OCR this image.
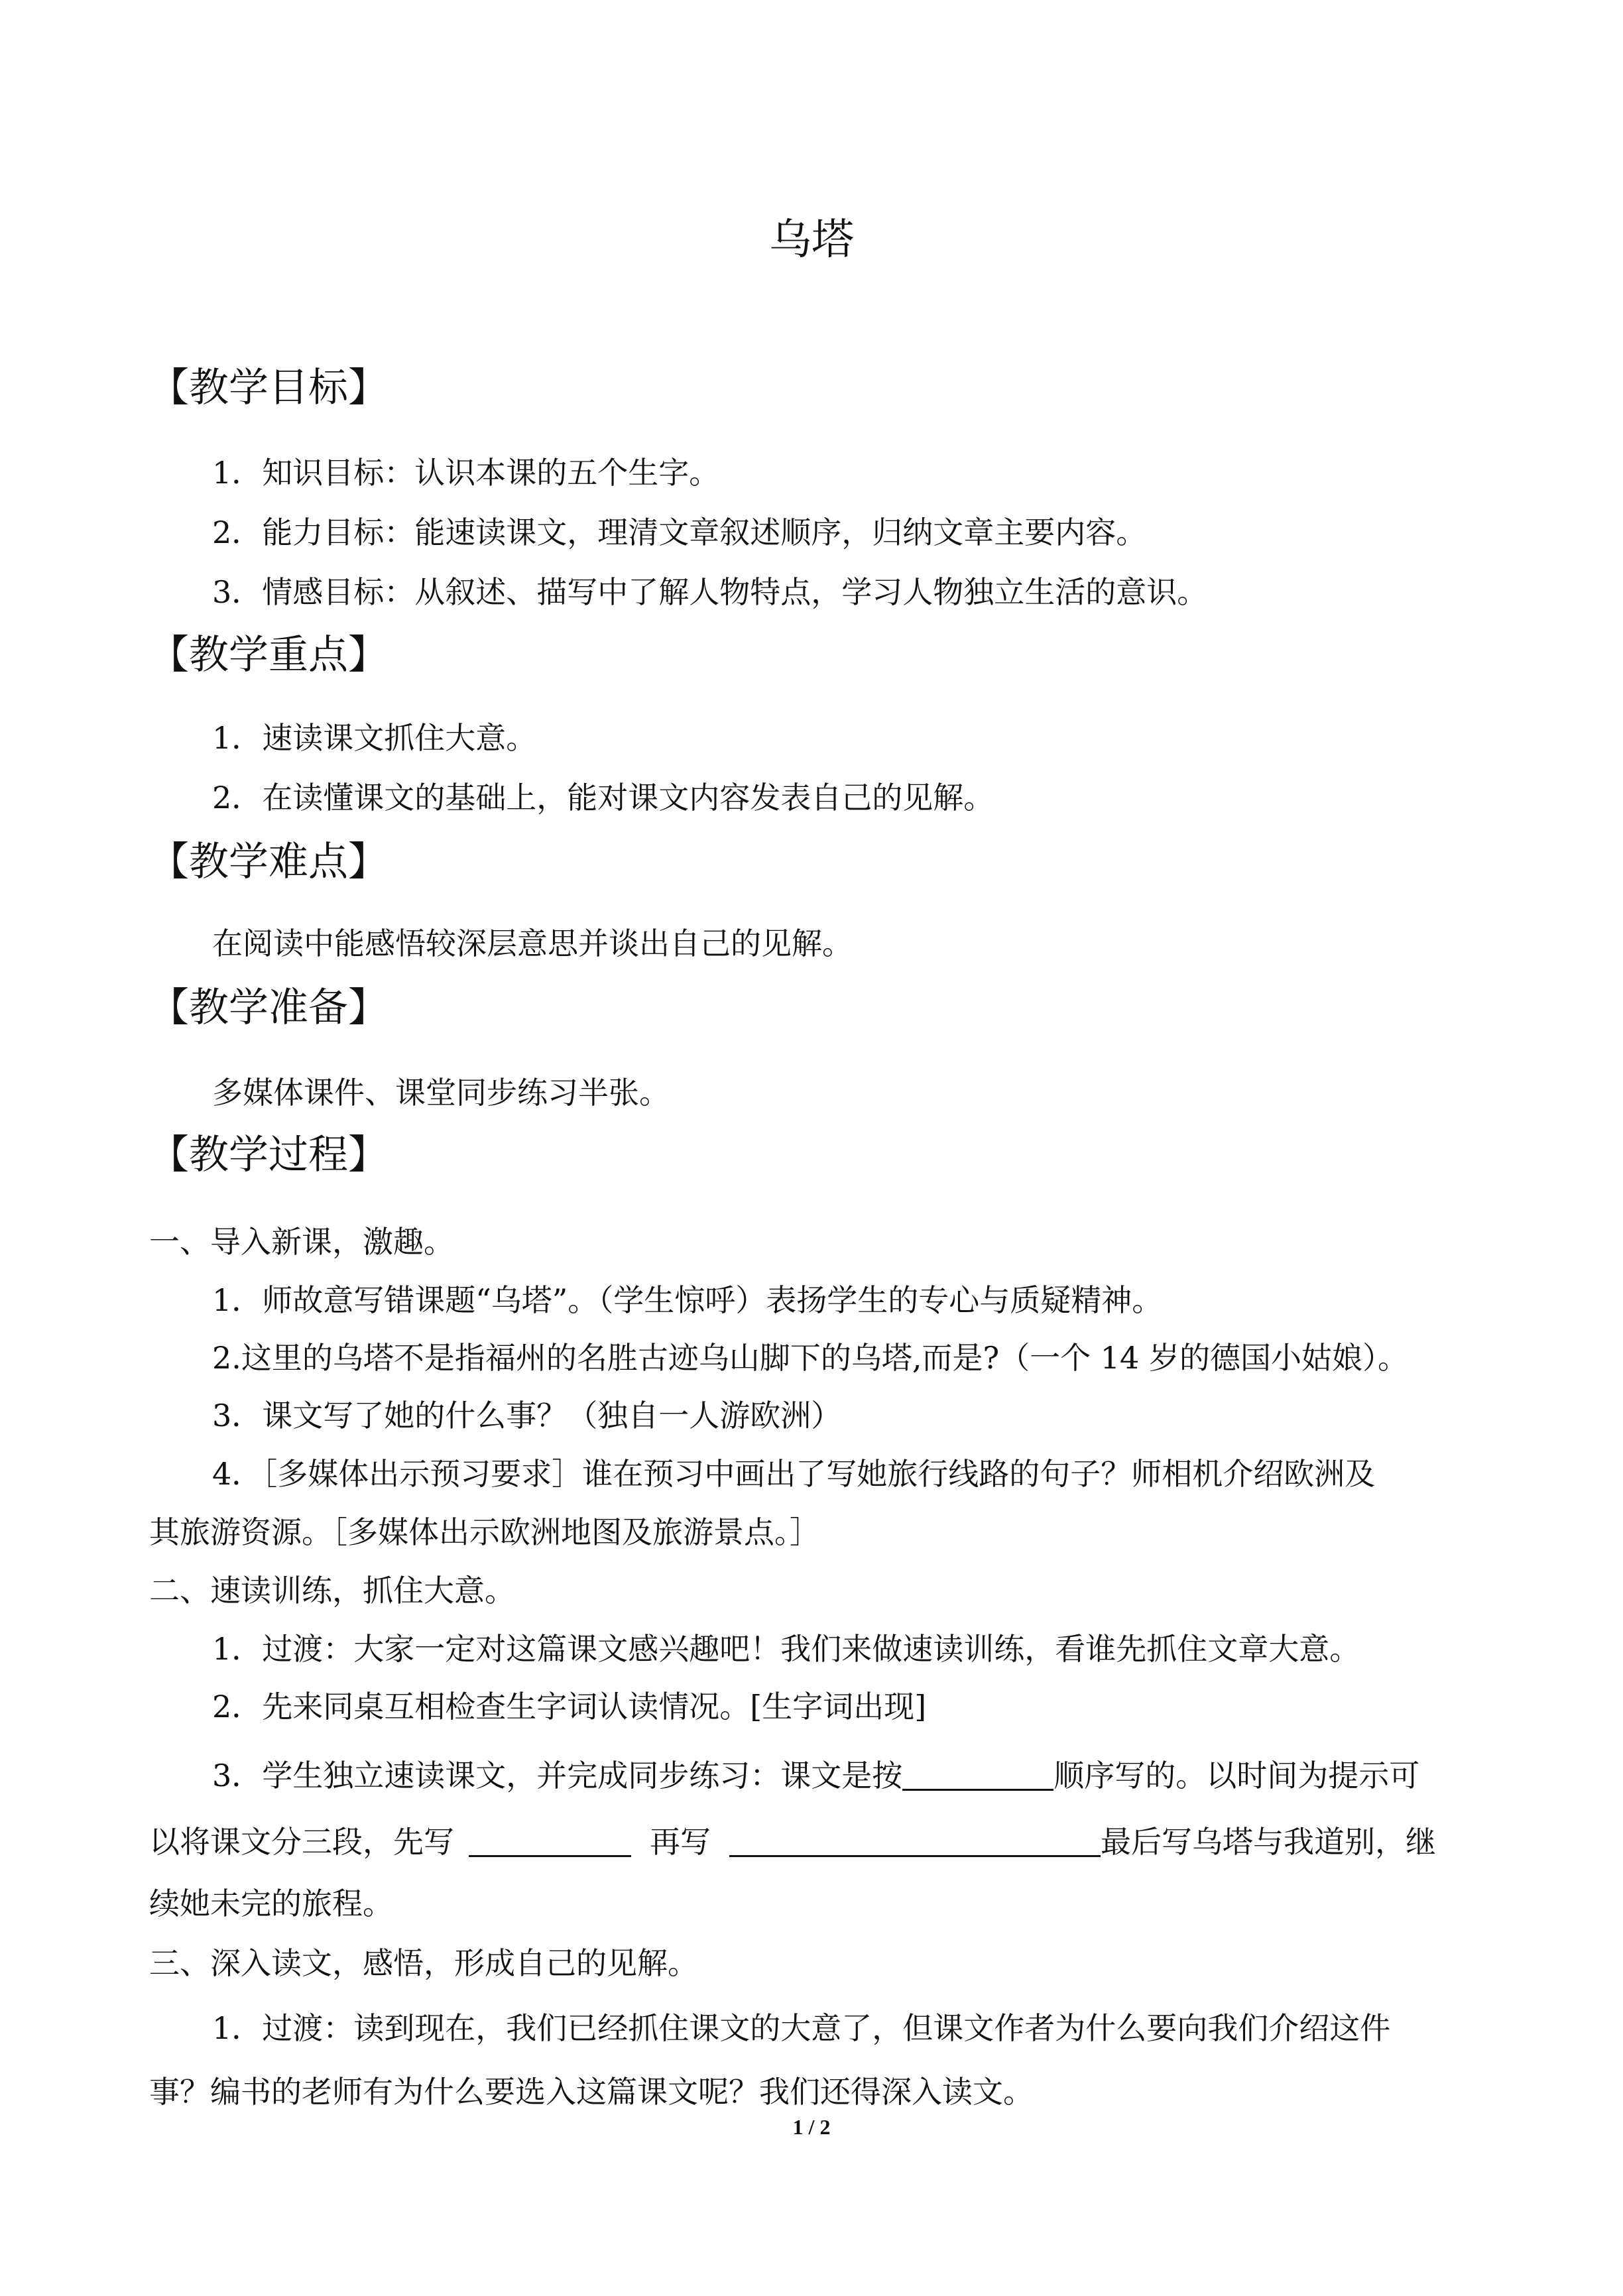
乌塔
【教学目标】
1．知识目标：认识本课的五个生字。
2．能力目标：能速读课文，理清文章叙述顺序，归纳文章主要内容。
3．情感目标：从叙述、描写中了解人物特点，学习人物独立生活的意识。
【教学重点】
1．速读课文抓住大意。
2．在读懂课文的基础上，能对课文内容发表自己的见解。
【教学难点】
在阅读中能感悟较深层意思并谈出自己的见解。
【教学准备】
多媒体课件、课堂同步练习半张。
【教学过程】
一、导入新课，激趣。
1．师故意写错课题“乌塔”。（学生惊呼）表扬学生的专心与质疑精神。
2.这里的乌塔不是指福州的名胜古迹乌山脚下的乌塔,而是?（一个 14 岁的德国小姑娘）。
3．课文写了她的什么事？（独自一人游欧洲）
4．［多媒体出示预习要求］谁在预习中画出了写她旅行线路的句子？师相机介绍欧洲及
其旅游资源。［多媒体出示欧洲地图及旅游景点。］
二、速读训练，抓住大意。
1．过渡：大家一定对这篇课文感兴趣吧！我们来做速读训练，看谁先抓住文章大意。
2．先来同桌互相检查生字词认读情况。[生字词出现]
3．学生独立速读课文，并完成同步练习：课文是按	顺序写的。以时间为提示可
以将课文分三段，先写	再写	最后写乌塔与我道别，继
续她未完的旅程。
三、深入读文，感悟，形成自己的见解。
1．过渡：读到现在，我们已经抓住课文的大意了，但课文作者为什么要向我们介绍这件
事？编书的老师有为什么要选入这篇课文呢？我们还得深入读文。
1 / 2
